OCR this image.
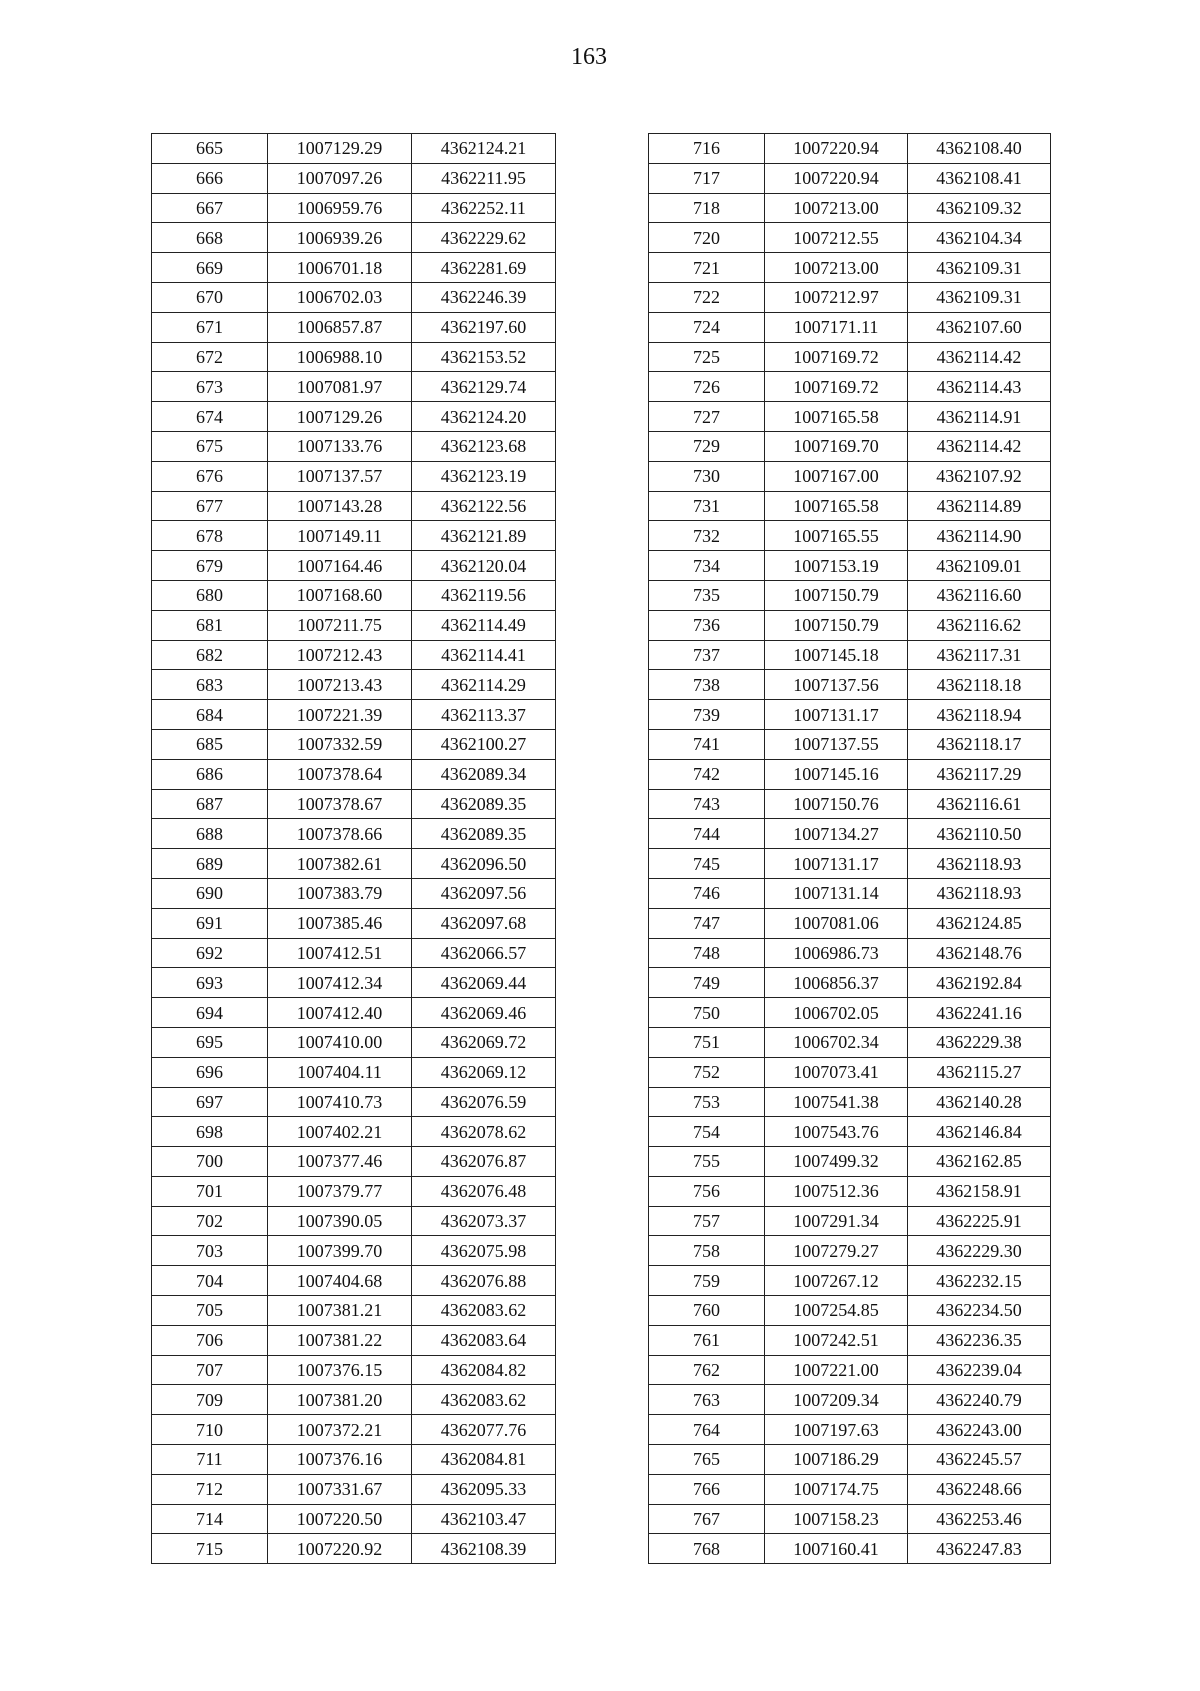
163
665	1007129.29	4362124.21
666	1007097.26	4362211.95
667	1006959.76	4362252.11
668	1006939.26	4362229.62
669	1006701.18	4362281.69
670	1006702.03	4362246.39
671	1006857.87	4362197.60
672	1006988.10	4362153.52
673	1007081.97	4362129.74
674	1007129.26	4362124.20
675	1007133.76	4362123.68
676	1007137.57	4362123.19
677	1007143.28	4362122.56
678	1007149.11	4362121.89
679	1007164.46	4362120.04
680	1007168.60	4362119.56
681	1007211.75	4362114.49
682	1007212.43	4362114.41
683	1007213.43	4362114.29
684	1007221.39	4362113.37
685	1007332.59	4362100.27
686	1007378.64	4362089.34
687	1007378.67	4362089.35
688	1007378.66	4362089.35
689	1007382.61	4362096.50
690	1007383.79	4362097.56
691	1007385.46	4362097.68
692	1007412.51	4362066.57
693	1007412.34	4362069.44
694	1007412.40	4362069.46
695	1007410.00	4362069.72
696	1007404.11	4362069.12
697	1007410.73	4362076.59
698	1007402.21	4362078.62
700	1007377.46	4362076.87
701	1007379.77	4362076.48
702	1007390.05	4362073.37
703	1007399.70	4362075.98
704	1007404.68	4362076.88
705	1007381.21	4362083.62
706	1007381.22	4362083.64
707	1007376.15	4362084.82
709	1007381.20	4362083.62
710	1007372.21	4362077.76
711	1007376.16	4362084.81
712	1007331.67	4362095.33
714	1007220.50	4362103.47
715	1007220.92	4362108.39
716	1007220.94	4362108.40
717	1007220.94	4362108.41
718	1007213.00	4362109.32
720	1007212.55	4362104.34
721	1007213.00	4362109.31
722	1007212.97	4362109.31
724	1007171.11	4362107.60
725	1007169.72	4362114.42
726	1007169.72	4362114.43
727	1007165.58	4362114.91
729	1007169.70	4362114.42
730	1007167.00	4362107.92
731	1007165.58	4362114.89
732	1007165.55	4362114.90
734	1007153.19	4362109.01
735	1007150.79	4362116.60
736	1007150.79	4362116.62
737	1007145.18	4362117.31
738	1007137.56	4362118.18
739	1007131.17	4362118.94
741	1007137.55	4362118.17
742	1007145.16	4362117.29
743	1007150.76	4362116.61
744	1007134.27	4362110.50
745	1007131.17	4362118.93
746	1007131.14	4362118.93
747	1007081.06	4362124.85
748	1006986.73	4362148.76
749	1006856.37	4362192.84
750	1006702.05	4362241.16
751	1006702.34	4362229.38
752	1007073.41	4362115.27
753	1007541.38	4362140.28
754	1007543.76	4362146.84
755	1007499.32	4362162.85
756	1007512.36	4362158.91
757	1007291.34	4362225.91
758	1007279.27	4362229.30
759	1007267.12	4362232.15
760	1007254.85	4362234.50
761	1007242.51	4362236.35
762	1007221.00	4362239.04
763	1007209.34	4362240.79
764	1007197.63	4362243.00
765	1007186.29	4362245.57
766	1007174.75	4362248.66
767	1007158.23	4362253.46
768	1007160.41	4362247.83
